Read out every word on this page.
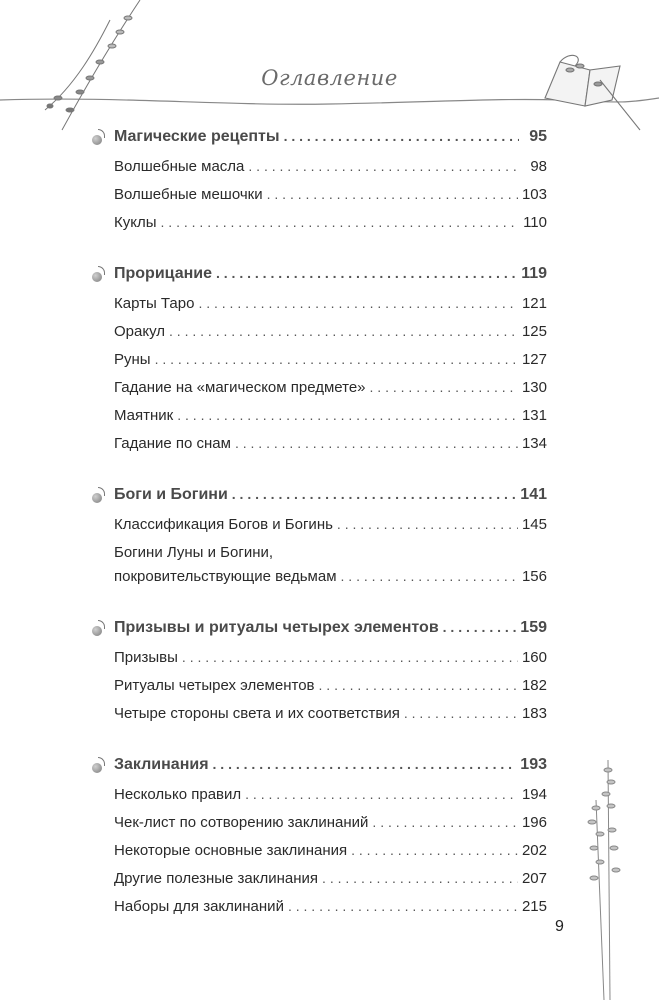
Оглавление
Магические рецепты . . .	95
Волшебные масла . . .	98
Волшебные мешочки . . .	103
Куклы . . .	110
Прорицание . . .	119
Карты Таро . . .	121
Оракул . . .	125
Руны . . .	127
Гадание на «магическом предмете» . . .	130
Маятник . . .	131
Гадание по снам . . .	134
Боги и Богини . . .	141
Классификация Богов и Богинь . . .	145
Богини Луны и Богини,
покровительствующие ведьмам . . .	156
Призывы и ритуалы четырех элементов . . .	159
Призывы . . .	160
Ритуалы четырех элементов . . .	182
Четыре стороны света и их соответствия . . .	183
Заклинания . . .	193
Несколько правил . . .	194
Чек-лист по сотворению заклинаний . . .	196
Некоторые основные заклинания . . .	202
Другие полезные заклинания . . .	207
Наборы для заклинаний . . .	215
9
